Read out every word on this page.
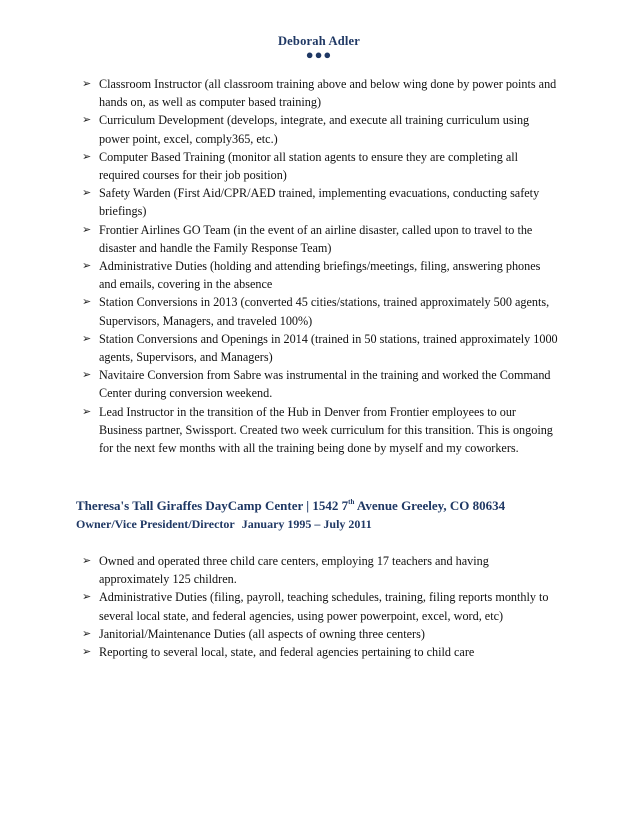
Deborah Adler
●●●
➢ Classroom Instructor (all classroom training above and below wing done by power points and hands on, as well as computer based training)
➢ Curriculum Development (develops, integrate, and execute all training curriculum using power point, excel, comply365, etc.)
➢ Computer Based Training (monitor all station agents to ensure they are completing all required courses for their job position)
➢ Safety Warden (First Aid/CPR/AED trained, implementing evacuations, conducting safety briefings)
➢ Frontier Airlines GO Team (in the event of an airline disaster, called upon to travel to the disaster and handle the Family Response Team)
➢ Administrative Duties (holding and attending briefings/meetings, filing, answering phones and emails, covering in the absence
➢ Station Conversions in 2013 (converted 45 cities/stations, trained approximately 500 agents, Supervisors, Managers, and traveled 100%)
➢ Station Conversions and Openings in 2014 (trained in 50 stations, trained approximately 1000 agents, Supervisors, and Managers)
➢ Navitaire Conversion from Sabre was instrumental in the training and worked the Command Center during conversion weekend.
➢ Lead Instructor in the transition of the Hub in Denver from Frontier employees to our Business partner, Swissport. Created two week curriculum for this transition. This is ongoing for the next few months with all the training being done by myself and my coworkers.
Theresa's Tall Giraffes DayCamp Center | 1542 7th Avenue Greeley, CO 80634
Owner/Vice President/Director January 1995 – July 2011
➢ Owned and operated three child care centers, employing 17 teachers and having approximately 125 children.
➢ Administrative Duties (filing, payroll, teaching schedules, training, filing reports monthly to several local state, and federal agencies, using power powerpoint, excel, word, etc)
➢ Janitorial/Maintenance Duties (all aspects of owning three centers)
➢ Reporting to several local, state, and federal agencies pertaining to child care
